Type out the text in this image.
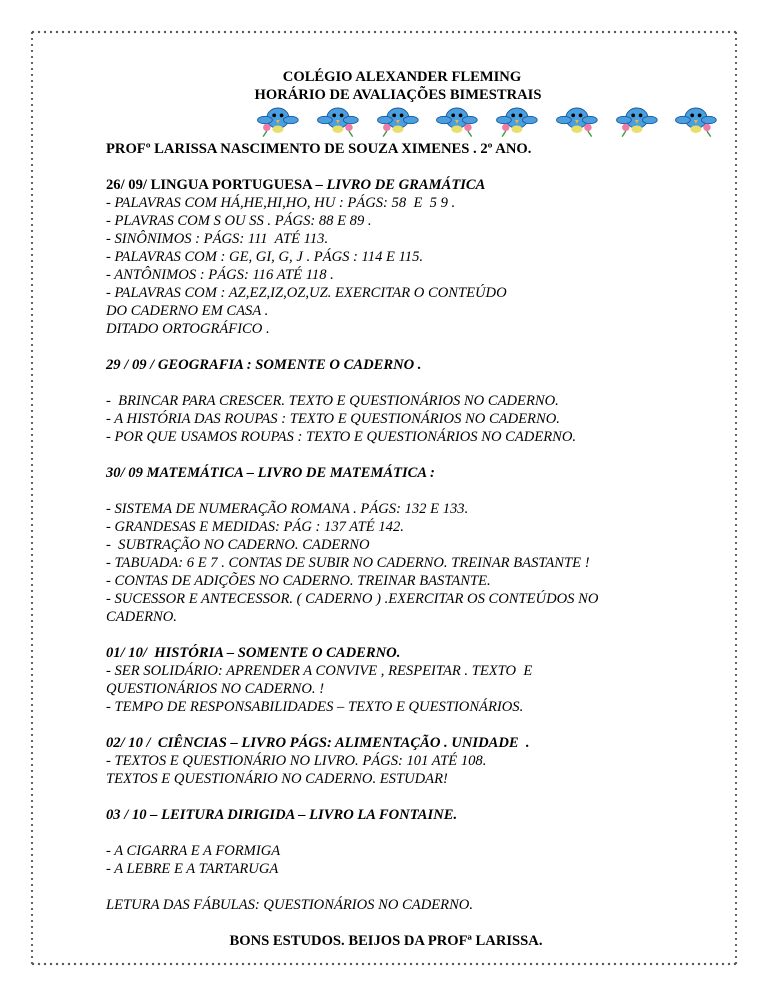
COLÉGIO ALEXANDER FLEMING
HORÁRIO DE AVALIAÇÕES BIMESTRAIS
PROFº LARISSA NASCIMENTO DE SOUZA XIMENES . 2º ANO.
26/ 09/ LINGUA PORTUGUESA – LIVRO DE GRAMÁTICA
- PALAVRAS COM HÁ,HE,HI,HO, HU : PÁGS: 58  E  5 9 .
- PLAVRAS COM S OU SS . PÁGS: 88 E 89 .
- SINÔNIMOS : PÁGS: 111  ATÉ 113.
- PALAVRAS COM : GE, GI, G, J . PÁGS : 114 E 115.
- ANTÔNIMOS : PÁGS: 116 ATÉ 118 .
- PALAVRAS COM : AZ,EZ,IZ,OZ,UZ. EXERCITAR O CONTEÚDO
DO CADERNO EM CASA .
DITADO ORTOGRÁFICO .
29 / 09 / GEOGRAFIA : SOMENTE O CADERNO .
-  BRINCAR PARA CRESCER. TEXTO E QUESTIONÁRIOS NO CADERNO.
- A HISTÓRIA DAS ROUPAS : TEXTO E QUESTIONÁRIOS NO CADERNO.
- POR QUE USAMOS ROUPAS : TEXTO E QUESTIONÁRIOS NO CADERNO.
30/ 09 MATEMÁTICA – LIVRO DE MATEMÁTICA :
- SISTEMA DE NUMERAÇÃO ROMANA . PÁGS: 132 E 133.
- GRANDESAS E MEDIDAS: PÁG : 137 ATÉ 142.
-  SUBTRAÇÃO NO CADERNO. CADERNO
- TABUADA: 6 E 7 . CONTAS DE SUBIR NO CADERNO. TREINAR BASTANTE !
- CONTAS DE ADIÇÕES NO CADERNO. TREINAR BASTANTE.
- SUCESSOR E ANTECESSOR. ( CADERNO ) .EXERCITAR OS CONTEÚDOS NO
CADERNO.
01/ 10/  HISTÓRIA – SOMENTE O CADERNO.
- SER SOLIDÁRIO: APRENDER A CONVIVE , RESPEITAR . TEXTO  E
QUESTIONÁRIOS NO CADERNO. !
- TEMPO DE RESPONSABILIDADES – TEXTO E QUESTIONÁRIOS.
02/ 10 /  CIÊNCIAS – LIVRO PÁGS: ALIMENTAÇÃO . UNIDADE  .
- TEXTOS E QUESTIONÁRIO NO LIVRO. PÁGS: 101 ATÉ 108.
TEXTOS E QUESTIONÁRIO NO CADERNO. ESTUDAR!
03 / 10 – LEITURA DIRIGIDA – LIVRO LA FONTAINE.
- A CIGARRA E A FORMIGA
- A LEBRE E A TARTARUGA
LETURA DAS FÁBULAS: QUESTIONÁRIOS NO CADERNO.
BONS ESTUDOS. BEIJOS DA PROFª LARISSA.
